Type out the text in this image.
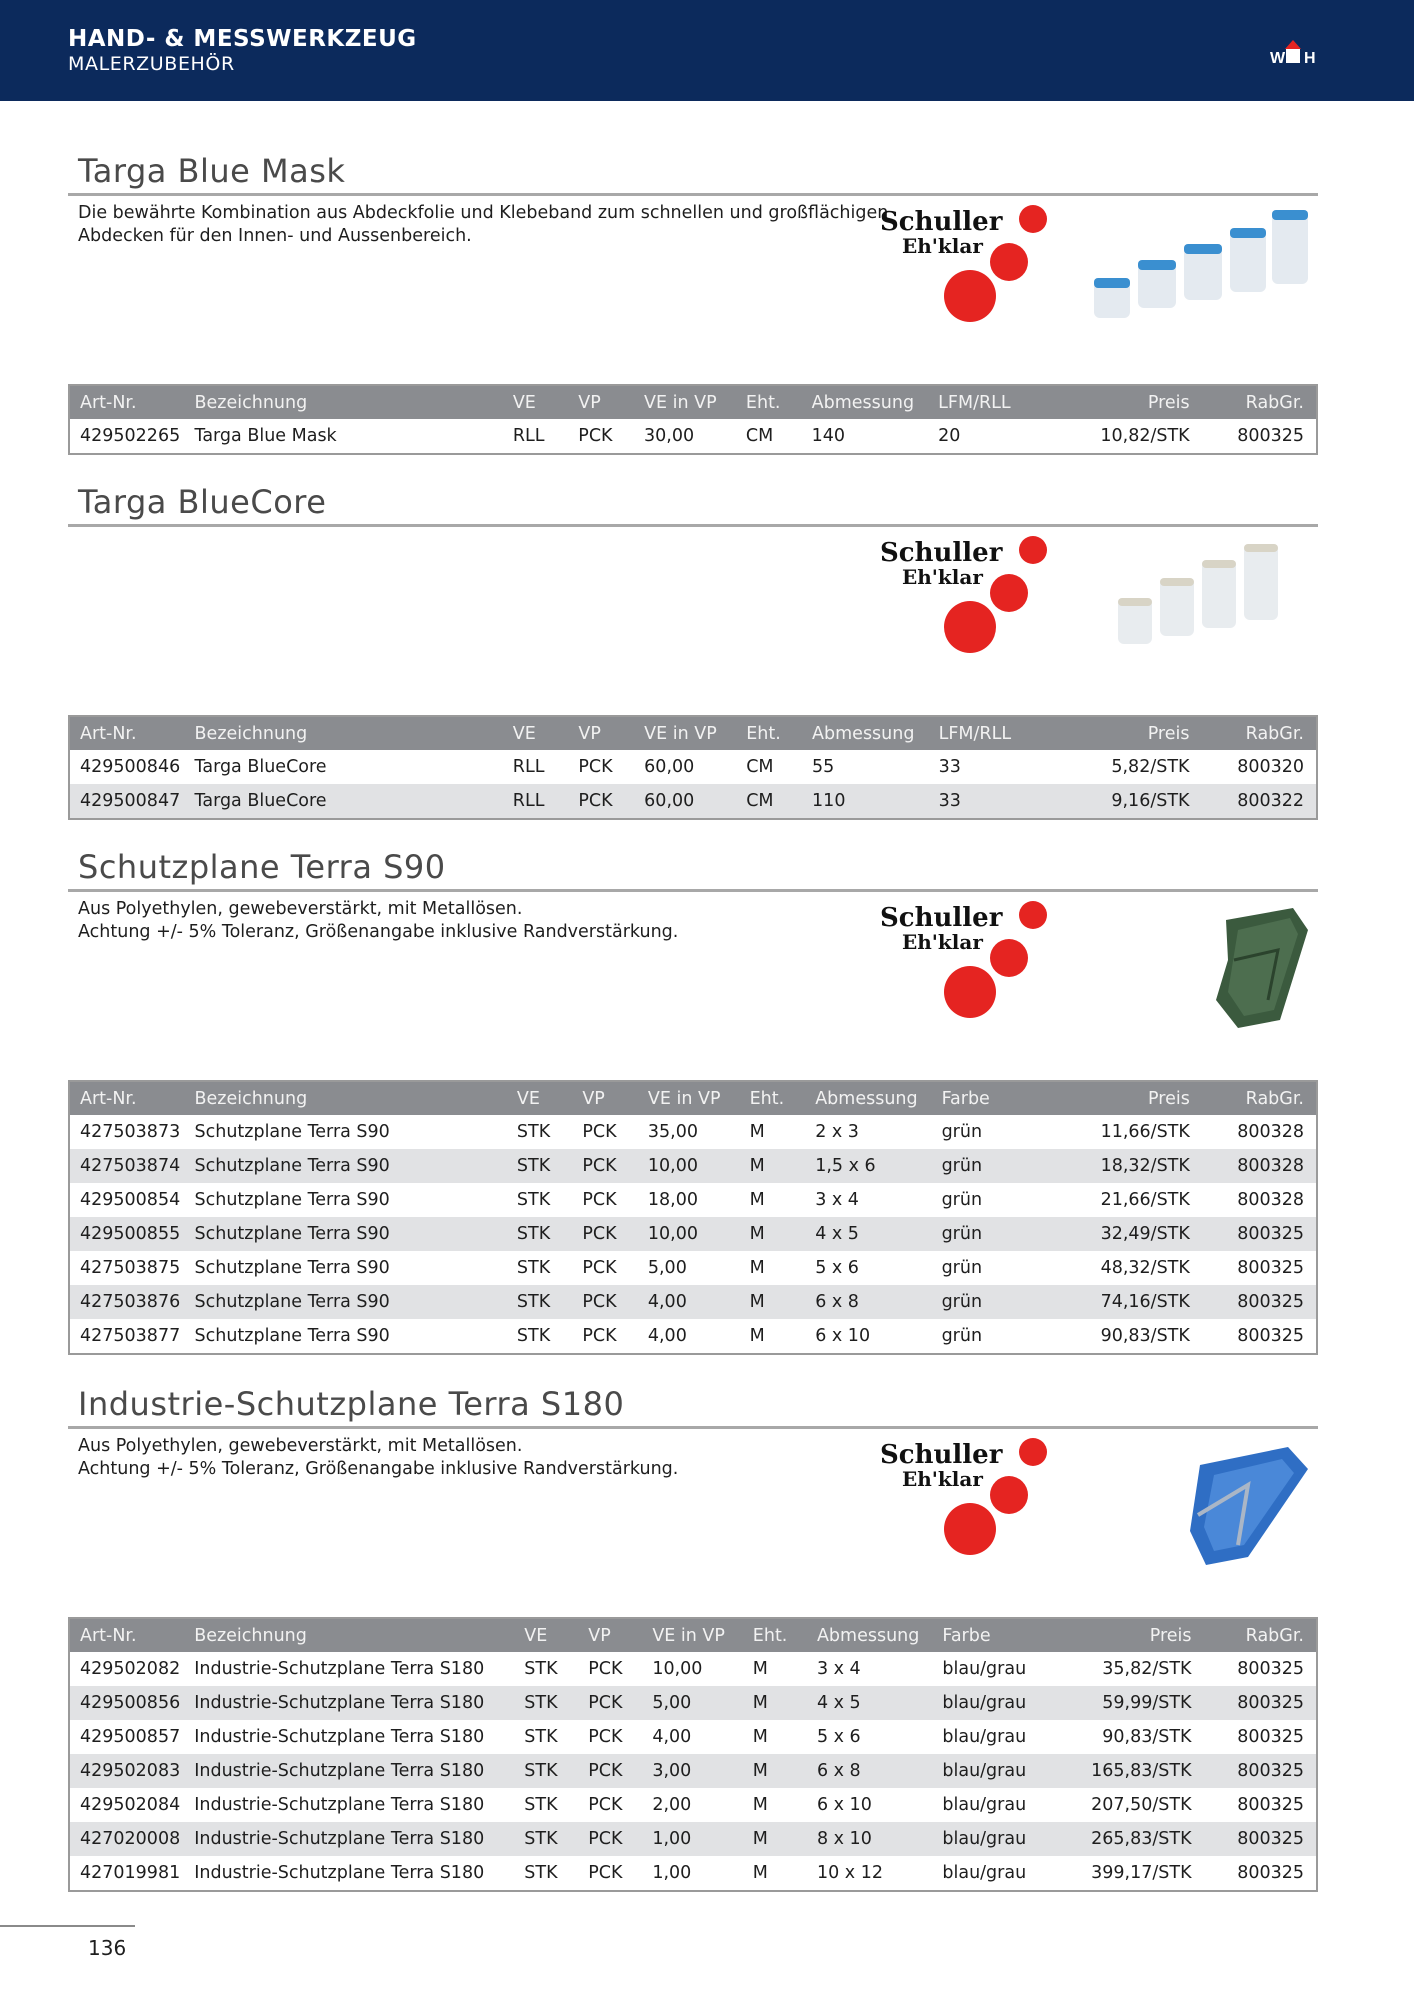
HAND- & MESSWERKZEUG
MALERZUBEHÖR	W H
Targa Blue Mask
Die bewährte Kombination aus Abdeckfolie und Klebeband zum schnellen und großflächigen
Abdecken für den Innen- und Aussenbereich.	Schuller
Eh'klar
Art-Nr.	Bezeichnung	VE	VP	VE in VP	Eht.	Abmessung	LFM/RLL	Preis	RabGr.
429502265	Targa Blue Mask	RLL	PCK	30,00	CM	140	20	10,82/STK	800325
Targa BlueCore
Schuller
Eh'klar
Art-Nr.	Bezeichnung	VE	VP	VE in VP	Eht.	Abmessung	LFM/RLL	Preis	RabGr.
429500846	Targa BlueCore	RLL	PCK	60,00	CM	55	33	5,82/STK	800320
429500847	Targa BlueCore	RLL	PCK	60,00	CM	110	33	9,16/STK	800322
Schutzplane Terra S90
Aus Polyethylen, gewebeverstärkt, mit Metallösen.
Achtung +/- 5% Toleranz, Größenangabe inklusive Randverstärkung.	Schuller
Eh'klar
Art-Nr.	Bezeichnung	VE	VP	VE in VP	Eht.	Abmessung	Farbe	Preis	RabGr.
427503873	Schutzplane Terra S90	STK	PCK	35,00	M	2 x 3	grün	11,66/STK	800328
427503874	Schutzplane Terra S90	STK	PCK	10,00	M	1,5 x 6	grün	18,32/STK	800328
429500854	Schutzplane Terra S90	STK	PCK	18,00	M	3 x 4	grün	21,66/STK	800328
429500855	Schutzplane Terra S90	STK	PCK	10,00	M	4 x 5	grün	32,49/STK	800325
427503875	Schutzplane Terra S90	STK	PCK	5,00	M	5 x 6	grün	48,32/STK	800325
427503876	Schutzplane Terra S90	STK	PCK	4,00	M	6 x 8	grün	74,16/STK	800325
427503877	Schutzplane Terra S90	STK	PCK	4,00	M	6 x 10	grün	90,83/STK	800325
Industrie-Schutzplane Terra S180
Aus Polyethylen, gewebeverstärkt, mit Metallösen.
Achtung +/- 5% Toleranz, Größenangabe inklusive Randverstärkung.	Schuller
Eh'klar
Art-Nr.	Bezeichnung	VE	VP	VE in VP	Eht.	Abmessung	Farbe	Preis	RabGr.
429502082	Industrie-Schutzplane Terra S180	STK	PCK	10,00	M	3 x 4	blau/grau	35,82/STK	800325
429500856	Industrie-Schutzplane Terra S180	STK	PCK	5,00	M	4 x 5	blau/grau	59,99/STK	800325
429500857	Industrie-Schutzplane Terra S180	STK	PCK	4,00	M	5 x 6	blau/grau	90,83/STK	800325
429502083	Industrie-Schutzplane Terra S180	STK	PCK	3,00	M	6 x 8	blau/grau	165,83/STK	800325
429502084	Industrie-Schutzplane Terra S180	STK	PCK	2,00	M	6 x 10	blau/grau	207,50/STK	800325
427020008	Industrie-Schutzplane Terra S180	STK	PCK	1,00	M	8 x 10	blau/grau	265,83/STK	800325
427019981	Industrie-Schutzplane Terra S180	STK	PCK	1,00	M	10 x 12	blau/grau	399,17/STK	800325
136
